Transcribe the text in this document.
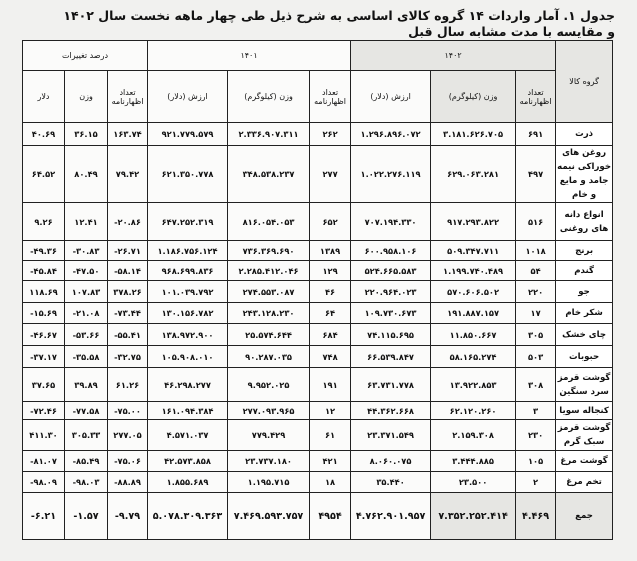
جدول ۱. آمار واردات ۱۴ گروه کالای اساسی به شرح ذیل طی چهار ماهه نخست سال ۱۴۰۲ و مقایسه با مدت مشابه سال قبل
گروه کالا	۱۴۰۲			۱۴۰۱			درصد تغییرات		
	تعداد اظهارنامه	وزن (کیلوگرم)	ارزش (دلار)	تعداد اظهارنامه	وزن (کیلوگرم)	ارزش (دلار)	تعداد اظهارنامه	وزن	دلار
ذرت	۶۹۱	۳.۱۸۱.۶۲۶.۷۰۵	۱.۲۹۶.۸۹۶.۰۷۲	۲۶۲	۲.۳۳۶.۹۰۷.۳۱۱	۹۲۱.۷۷۹.۵۷۹	۱۶۳.۷۴	۳۶.۱۵	۴۰.۶۹
روغن های خوراکی نیمه جامد و مایع و خام	۴۹۷	۶۲۹.۰۶۳.۲۸۱	۱.۰۲۲.۲۷۶.۱۱۹	۲۷۷	۳۴۸.۵۳۸.۲۳۷	۶۲۱.۳۵۰.۷۷۸	۷۹.۴۲	۸۰.۴۹	۶۴.۵۲
انواع دانه های روغنی	۵۱۶	۹۱۷.۲۹۳.۸۲۲	۷۰۷.۱۹۴.۳۳۰	۶۵۲	۸۱۶.۰۵۴.۰۵۳	۶۴۷.۲۵۲.۳۱۹	-۲۰.۸۶	۱۲.۴۱	۹.۲۶
برنج	۱۰۱۸	۵۰۹.۳۴۷.۷۱۱	۶۰۰.۹۵۸.۱۰۶	۱۳۸۹	۷۳۶.۳۶۹.۶۹۰	۱.۱۸۶.۷۵۶.۱۲۴	-۲۶.۷۱	-۳۰.۸۳	-۴۹.۳۶
گندم	۵۴	۱.۱۹۹.۷۴۰.۴۸۹	۵۲۴.۶۶۵.۵۸۳	۱۲۹	۲.۲۸۵.۴۱۲.۰۴۶	۹۶۸.۶۹۹.۸۳۶	-۵۸.۱۴	-۴۷.۵۰	-۴۵.۸۴
جو	۲۲۰	۵۷۰.۶۰۶.۵۰۲	۲۲۰.۹۶۴.۰۲۳	۴۶	۲۷۴.۵۵۳.۰۸۷	۱۰۱.۰۳۹.۷۹۲	۳۷۸.۲۶	۱۰۷.۸۳	۱۱۸.۶۹
شکر خام	۱۷	۱۹۱.۸۸۷.۱۵۷	۱۰۹.۷۳۰.۶۷۳	۶۴	۲۴۳.۱۲۸.۲۳۰	۱۳۰.۱۵۶.۷۸۲	-۷۳.۴۴	-۲۱.۰۸	-۱۵.۶۹
چای خشک	۳۰۵	۱۱.۸۵۰.۶۶۷	۷۴.۱۱۵.۶۹۵	۶۸۴	۲۵.۵۷۴.۶۴۴	۱۳۸.۹۷۲.۹۰۰	-۵۵.۴۱	-۵۳.۶۶	-۴۶.۶۷
حبوبات	۵۰۳	۵۸.۱۶۵.۲۷۴	۶۶.۵۳۹.۸۴۷	۷۴۸	۹۰.۲۸۷.۰۳۵	۱۰۵.۹۰۸.۰۱۰	-۳۲.۷۵	-۳۵.۵۸	-۳۷.۱۷
گوشت قرمز سرد سنگین	۳۰۸	۱۳.۹۲۲.۸۵۳	۶۳.۷۳۱.۷۷۸	۱۹۱	۹.۹۵۲.۰۲۵	۴۶.۲۹۸.۲۷۷	۶۱.۲۶	۳۹.۸۹	۳۷.۶۵
کنجاله سویا	۳	۶۲.۱۲۰.۲۶۰	۴۴.۳۶۲.۶۶۸	۱۲	۲۷۷.۰۹۳.۹۶۵	۱۶۱.۰۹۴.۳۸۴	-۷۵.۰۰	-۷۷.۵۸	-۷۲.۴۶
گوشت قرمز سبک گرم	۲۳۰	۲.۱۵۹.۳۰۸	۲۳.۳۷۱.۵۴۹	۶۱	۷۷۹.۴۲۹	۴.۵۷۱.۰۳۷	۲۷۷.۰۵	۳۰۵.۳۳	۴۱۱.۳۰
گوشت مرغ	۱۰۵	۳.۴۴۴.۸۸۵	۸.۰۶۰.۰۷۵	۴۲۱	۲۳.۷۳۷.۱۸۰	۴۲.۵۷۳.۸۵۸	-۷۵.۰۶	-۸۵.۴۹	-۸۱.۰۷
تخم مرغ	۲	۲۳.۵۰۰	۳۵.۴۴۰	۱۸	۱.۱۹۵.۷۱۵	۱.۸۵۵.۶۸۹	-۸۸.۸۹	-۹۸.۰۳	-۹۸.۰۹
جمع	۴.۴۶۹	۷.۳۵۲.۲۵۲.۴۱۴	۴.۷۶۲.۹۰۱.۹۵۷	۴۹۵۴	۷.۴۶۹.۵۹۳.۷۵۷	۵.۰۷۸.۳۰۹.۳۶۳	-۹.۷۹	-۱.۵۷	-۶.۲۱
